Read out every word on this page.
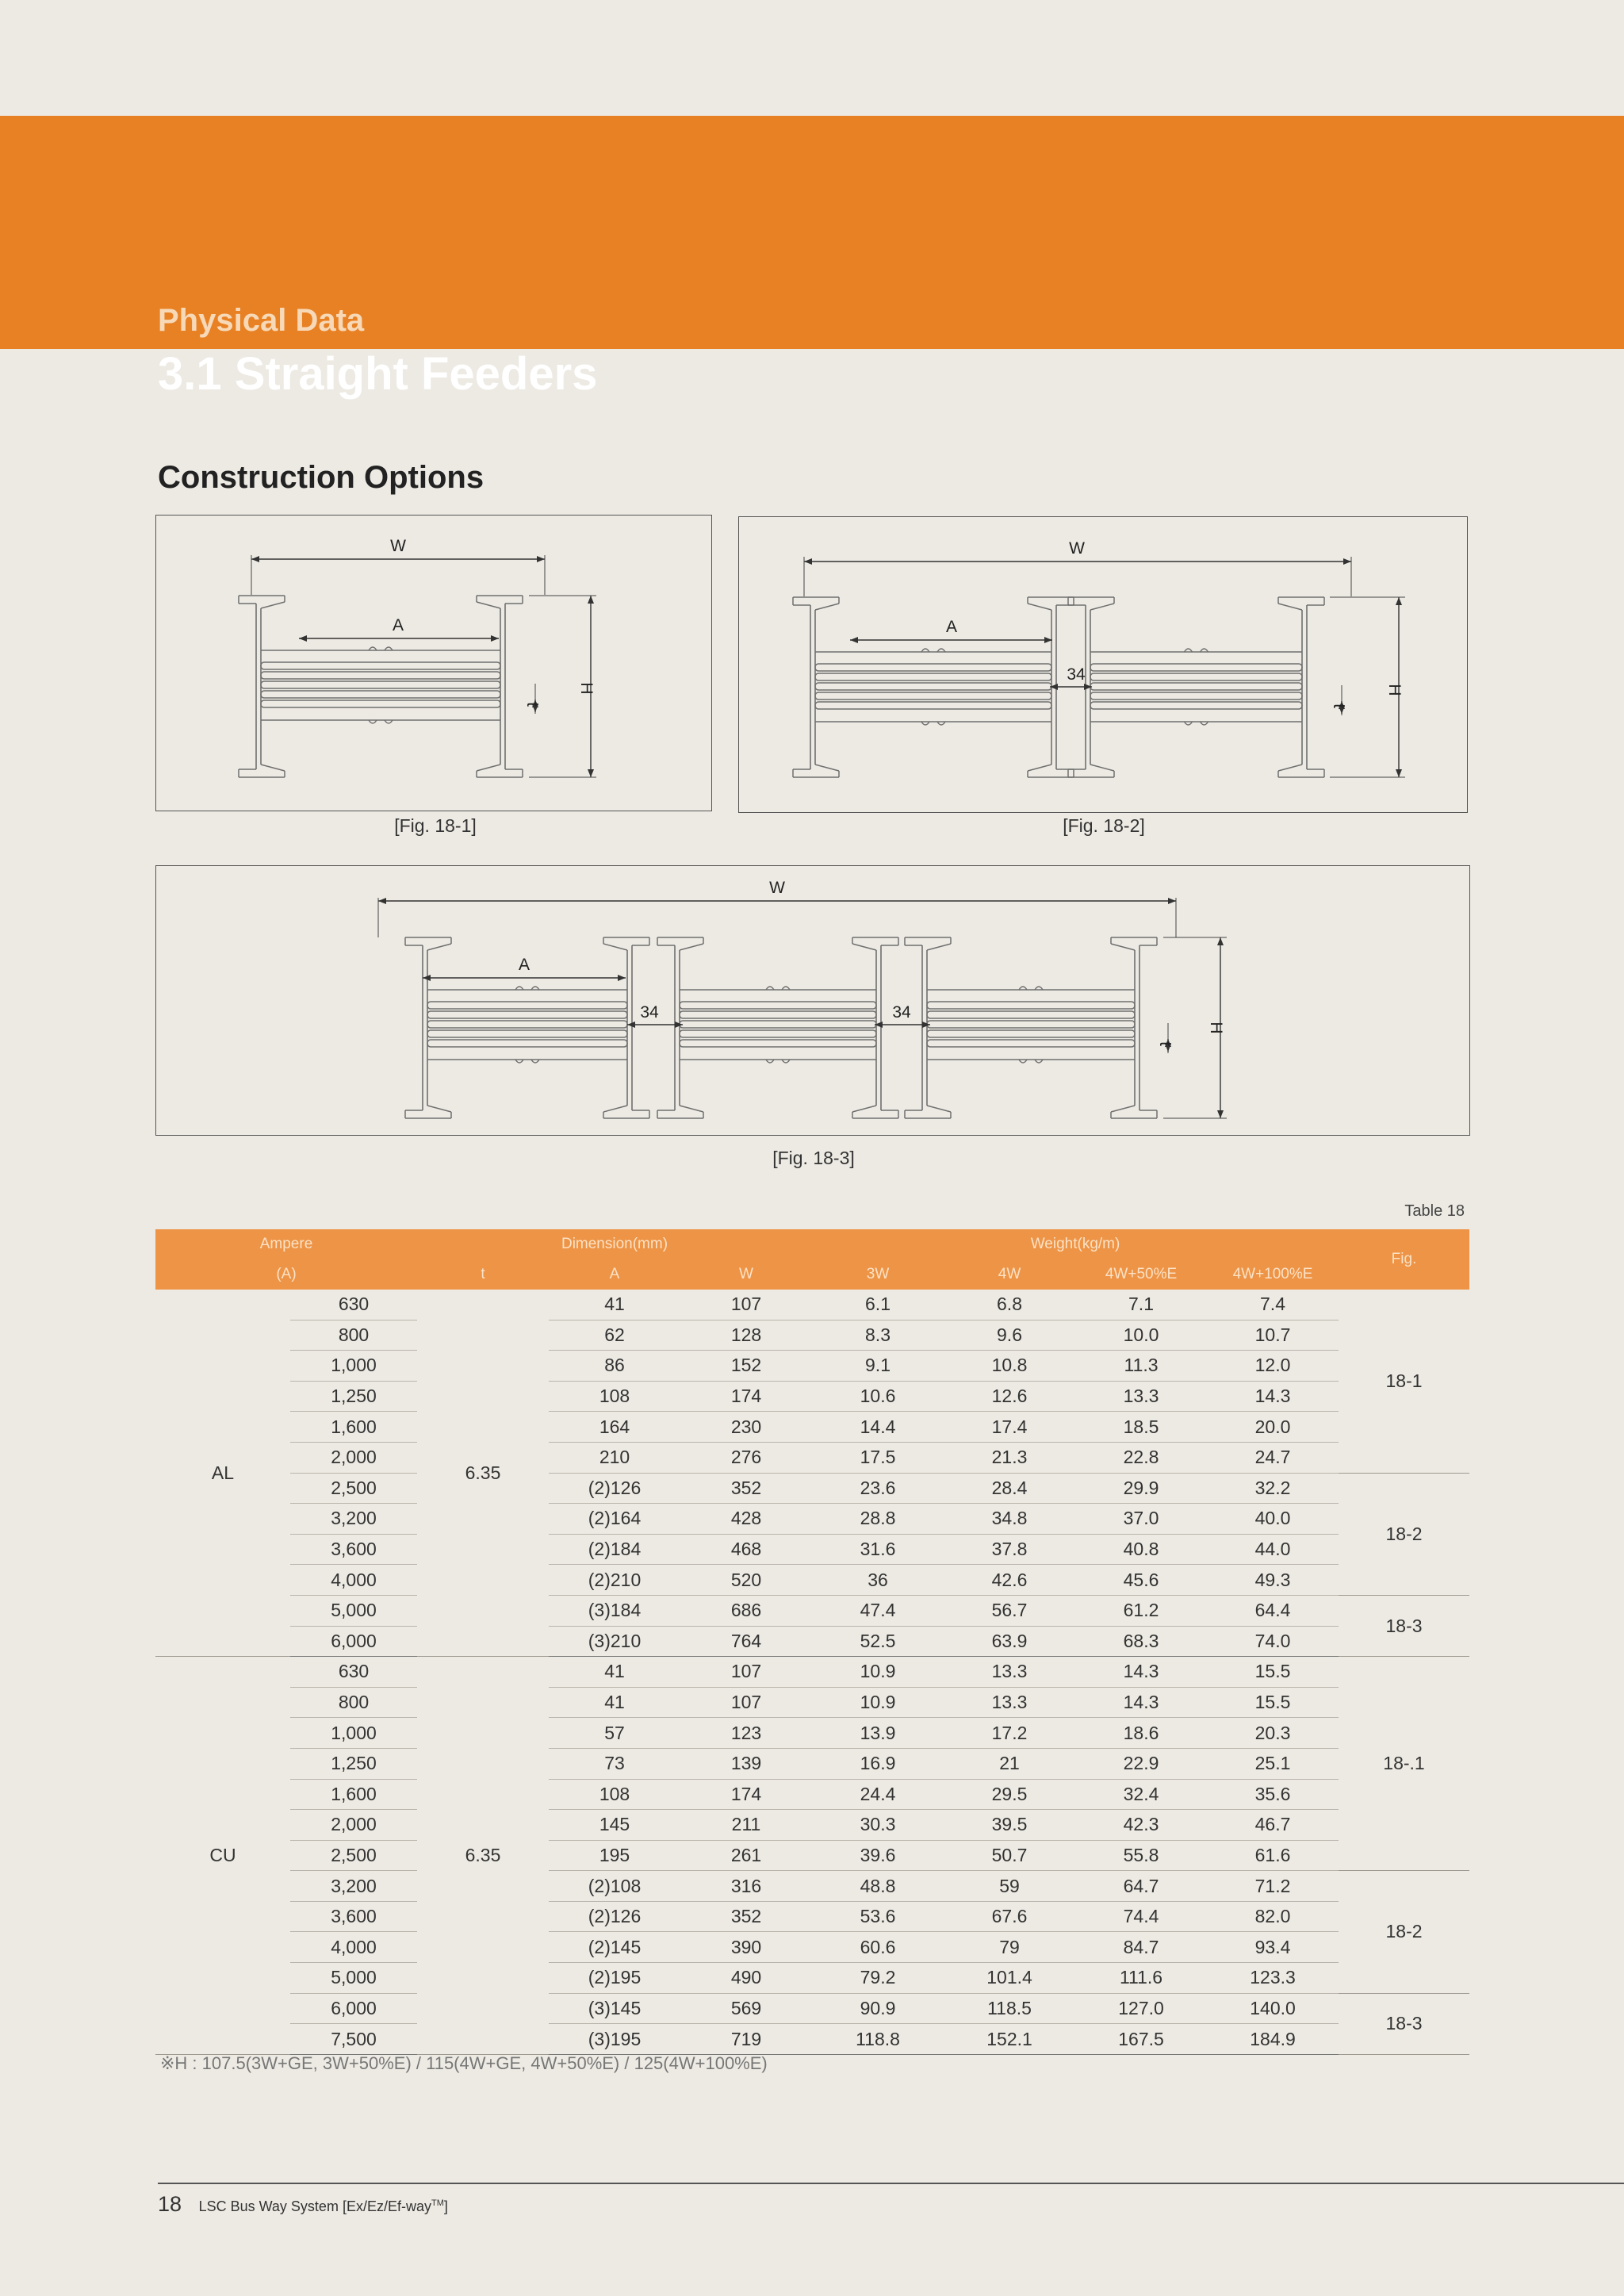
Physical Data
3.1 Straight Feeders
Construction Options
W
A
H
t
[Fig. 18-1]
W
A
34
H
t
[Fig. 18-2]
W
A
34	34
H
t
[Fig. 18-3]
Table 18
Ampere		Dimension(mm)			Weight(kg/m)				Fig.
(A)		t	A	W	3W	4W	4W+50%E	4W+100%E	
AL	630	6.35	41	107	6.1	6.8	7.1	7.4	18-1
	800		62	128	8.3	9.6	10.0	10.7	
	1,000		86	152	9.1	10.8	11.3	12.0	
	1,250		108	174	10.6	12.6	13.3	14.3	
	1,600		164	230	14.4	17.4	18.5	20.0	
	2,000		210	276	17.5	21.3	22.8	24.7	
	2,500		(2)126	352	23.6	28.4	29.9	32.2	18-2
	3,200		(2)164	428	28.8	34.8	37.0	40.0	
	3,600		(2)184	468	31.6	37.8	40.8	44.0	
	4,000		(2)210	520	36	42.6	45.6	49.3	
	5,000		(3)184	686	47.4	56.7	61.2	64.4	18-3
	6,000		(3)210	764	52.5	63.9	68.3	74.0	
CU	630	6.35	41	107	10.9	13.3	14.3	15.5	18-.1
	800		41	107	10.9	13.3	14.3	15.5	
	1,000		57	123	13.9	17.2	18.6	20.3	
	1,250		73	139	16.9	21	22.9	25.1	
	1,600		108	174	24.4	29.5	32.4	35.6	
	2,000		145	211	30.3	39.5	42.3	46.7	
	2,500		195	261	39.6	50.7	55.8	61.6	
	3,200		(2)108	316	48.8	59	64.7	71.2	18-2
	3,600		(2)126	352	53.6	67.6	74.4	82.0	
	4,000		(2)145	390	60.6	79	84.7	93.4	
	5,000		(2)195	490	79.2	101.4	111.6	123.3	
	6,000		(3)145	569	90.9	118.5	127.0	140.0	18-3
	7,500		(3)195	719	118.8	152.1	167.5	184.9	
※H : 107.5(3W+GE, 3W+50%E) / 115(4W+GE, 4W+50%E) / 125(4W+100%E)
18 LSC Bus Way System [Ex/Ez/Ef-way™]
